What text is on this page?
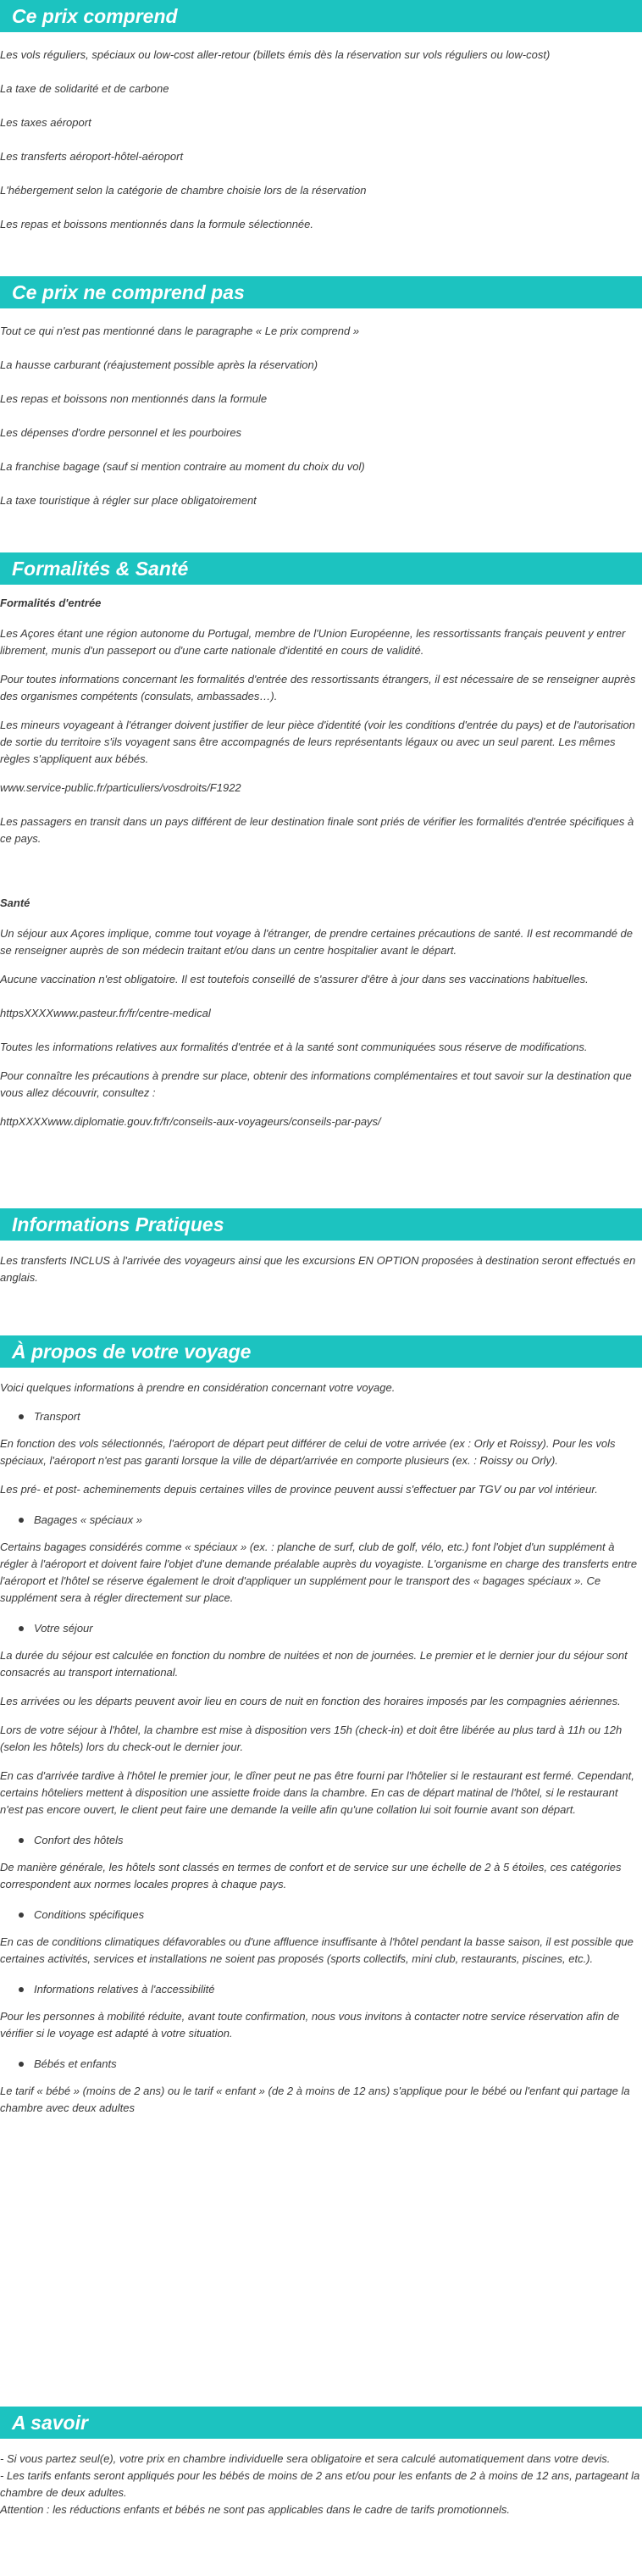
Ce prix comprend

Les vols réguliers, spéciaux ou low-cost aller-retour (billets émis dès la réservation sur vols réguliers ou low-cost)

La taxe de solidarité et de carbone

Les taxes aéroport

Les transferts aéroport-hôtel-aéroport

L'hébergement selon la catégorie de chambre choisie lors de la réservation

Les repas et boissons mentionnés dans la formule sélectionnée.

Ce prix ne comprend pas

Tout ce qui n'est pas mentionné dans le paragraphe « Le prix comprend »

La hausse carburant (réajustement possible après la réservation)

Les repas et boissons non mentionnés dans la formule

Les dépenses d'ordre personnel et les pourboires

La franchise bagage (sauf si mention contraire au moment du choix du vol)

La taxe touristique à régler sur place obligatoirement

Formalités & Santé

Formalités d'entrée

Les Açores étant une région autonome du Portugal, membre de l'Union Européenne, les ressortissants français peuvent y entrer librement, munis d'un passeport ou d'une carte nationale d'identité en cours de validité.

Pour toutes informations concernant les formalités d'entrée des ressortissants étrangers, il est nécessaire de se renseigner auprès des organismes compétents (consulats, ambassades…).

Les mineurs voyageant à l'étranger doivent justifier de leur pièce d'identité (voir les conditions d'entrée du pays) et de l'autorisation de sortie du territoire s'ils voyagent sans être accompagnés de leurs représentants légaux ou avec un seul parent. Les mêmes règles s'appliquent aux bébés.

www.service-public.fr/particuliers/vosdroits/F1922

Les passagers en transit dans un pays différent de leur destination finale sont priés de vérifier les formalités d'entrée spécifiques à ce pays.

Santé

Un séjour aux Açores implique, comme tout voyage à l'étranger, de prendre certaines précautions de santé. Il est recommandé de se renseigner auprès de son médecin traitant et/ou dans un centre hospitalier avant le départ.

Aucune vaccination n'est obligatoire. Il est toutefois conseillé de s'assurer d'être à jour dans ses vaccinations habituelles.

httpsXXXXwww.pasteur.fr/fr/centre-medical

Toutes les informations relatives aux formalités d'entrée et à la santé sont communiquées sous réserve de modifications.

Pour connaître les précautions à prendre sur place, obtenir des informations complémentaires et tout savoir sur la destination que vous allez découvrir, consultez :

httpXXXXwww.diplomatie.gouv.fr/fr/conseils-aux-voyageurs/conseils-par-pays/

Informations Pratiques

Les transferts INCLUS à l'arrivée des voyageurs ainsi que les excursions EN OPTION proposées à destination seront effectués en anglais.

À propos de votre voyage

Voici quelques informations à prendre en considération concernant votre voyage.

Transport

En fonction des vols sélectionnés, l'aéroport de départ peut différer de celui de votre arrivée (ex : Orly et Roissy). Pour les vols spéciaux, l'aéroport n'est pas garanti lorsque la ville de départ/arrivée en comporte plusieurs (ex. : Roissy ou Orly).

Les pré- et post- acheminements depuis certaines villes de province peuvent aussi s'effectuer par TGV ou par vol intérieur.

Bagages « spéciaux »

Certains bagages considérés comme « spéciaux » (ex. : planche de surf, club de golf, vélo, etc.) font l'objet d'un supplément à régler à l'aéroport et doivent faire l'objet d'une demande préalable auprès du voyagiste. L'organisme en charge des transferts entre l'aéroport et l'hôtel se réserve également le droit d'appliquer un supplément pour le transport des « bagages spéciaux ». Ce supplément sera à régler directement sur place.

Votre séjour

La durée du séjour est calculée en fonction du nombre de nuitées et non de journées. Le premier et le dernier jour du séjour sont consacrés au transport international.

Les arrivées ou les départs peuvent avoir lieu en cours de nuit en fonction des horaires imposés par les compagnies aériennes.

Lors de votre séjour à l'hôtel, la chambre est mise à disposition vers 15h (check-in) et doit être libérée au plus tard à 11h ou 12h (selon les hôtels) lors du check-out le dernier jour.

En cas d'arrivée tardive à l'hôtel le premier jour, le dîner peut ne pas être fourni par l'hôtelier si le restaurant est fermé. Cependant, certains hôteliers mettent à disposition une assiette froide dans la chambre. En cas de départ matinal de l'hôtel, si le restaurant n'est pas encore ouvert, le client peut faire une demande la veille afin qu'une collation lui soit fournie avant son départ.

Confort des hôtels

De manière générale, les hôtels sont classés en termes de confort et de service sur une échelle de 2 à 5 étoiles, ces catégories correspondent aux normes locales propres à chaque pays.

Conditions spécifiques

En cas de conditions climatiques défavorables ou d'une affluence insuffisante à l'hôtel pendant la basse saison, il est possible que certaines activités, services et installations ne soient pas proposés (sports collectifs, mini club, restaurants, piscines, etc.).

Informations relatives à l'accessibilité

Pour les personnes à mobilité réduite, avant toute confirmation, nous vous invitons à contacter notre service réservation afin de vérifier si le voyage est adapté à votre situation.

Bébés et enfants

Le tarif « bébé » (moins de 2 ans) ou le tarif « enfant » (de 2 à moins de 12 ans) s'applique pour le bébé ou l'enfant qui partage la chambre avec deux adultes

A savoir

- Si vous partez seul(e), votre prix en chambre individuelle sera obligatoire et sera calculé automatiquement dans votre devis.

- Les tarifs enfants seront appliqués pour les bébés de moins de 2 ans et/ou pour les enfants de 2 à moins de 12 ans, partageant la chambre de deux adultes.

Attention : les réductions enfants et bébés ne sont pas applicables dans le cadre de tarifs promotionnels.
